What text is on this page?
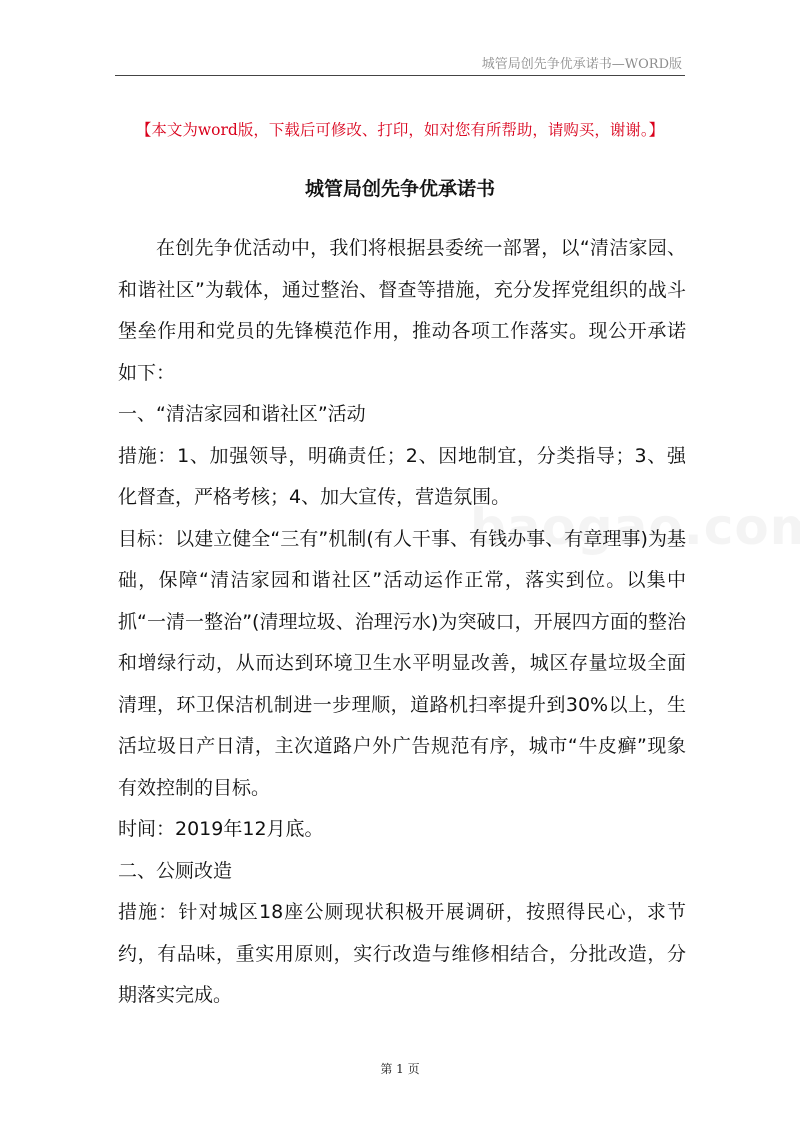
城管局创先争优承诺书—WORD版
【本文为word版，下载后可修改、打印，如对您有所帮助，请购买，谢谢。】
城管局创先争优承诺书

在创先争优活动中，我们将根据县委统一部署，以“清洁家园、和谐社区”为载体，通过整治、督查等措施，充分发挥党组织的战斗堡垒作用和党员的先锋模范作用，推动各项工作落实。现公开承诺如下：

一、“清洁家园和谐社区”活动

措施：1、加强领导，明确责任；2、因地制宜，分类指导；3、强化督查，严格考核；4、加大宣传，营造氛围。

目标：以建立健全“三有”机制(有人干事、有钱办事、有章理事)为基础，保障“清洁家园和谐社区”活动运作正常，落实到位。以集中抓“一清一整治”(清理垃圾、治理污水)为突破口，开展四方面的整治和增绿行动，从而达到环境卫生水平明显改善，城区存量垃圾全面清理，环卫保洁机制进一步理顺，道路机扫率提升到30%以上，生活垃圾日产日清，主次道路户外广告规范有序，城市“牛皮癣”现象有效控制的目标。

时间：2019年12月底。

二、公厕改造

措施：针对城区18座公厕现状积极开展调研，按照得民心，求节约，有品味，重实用原则，实行改造与维修相结合，分批改造，分期落实完成。

第 1 页
